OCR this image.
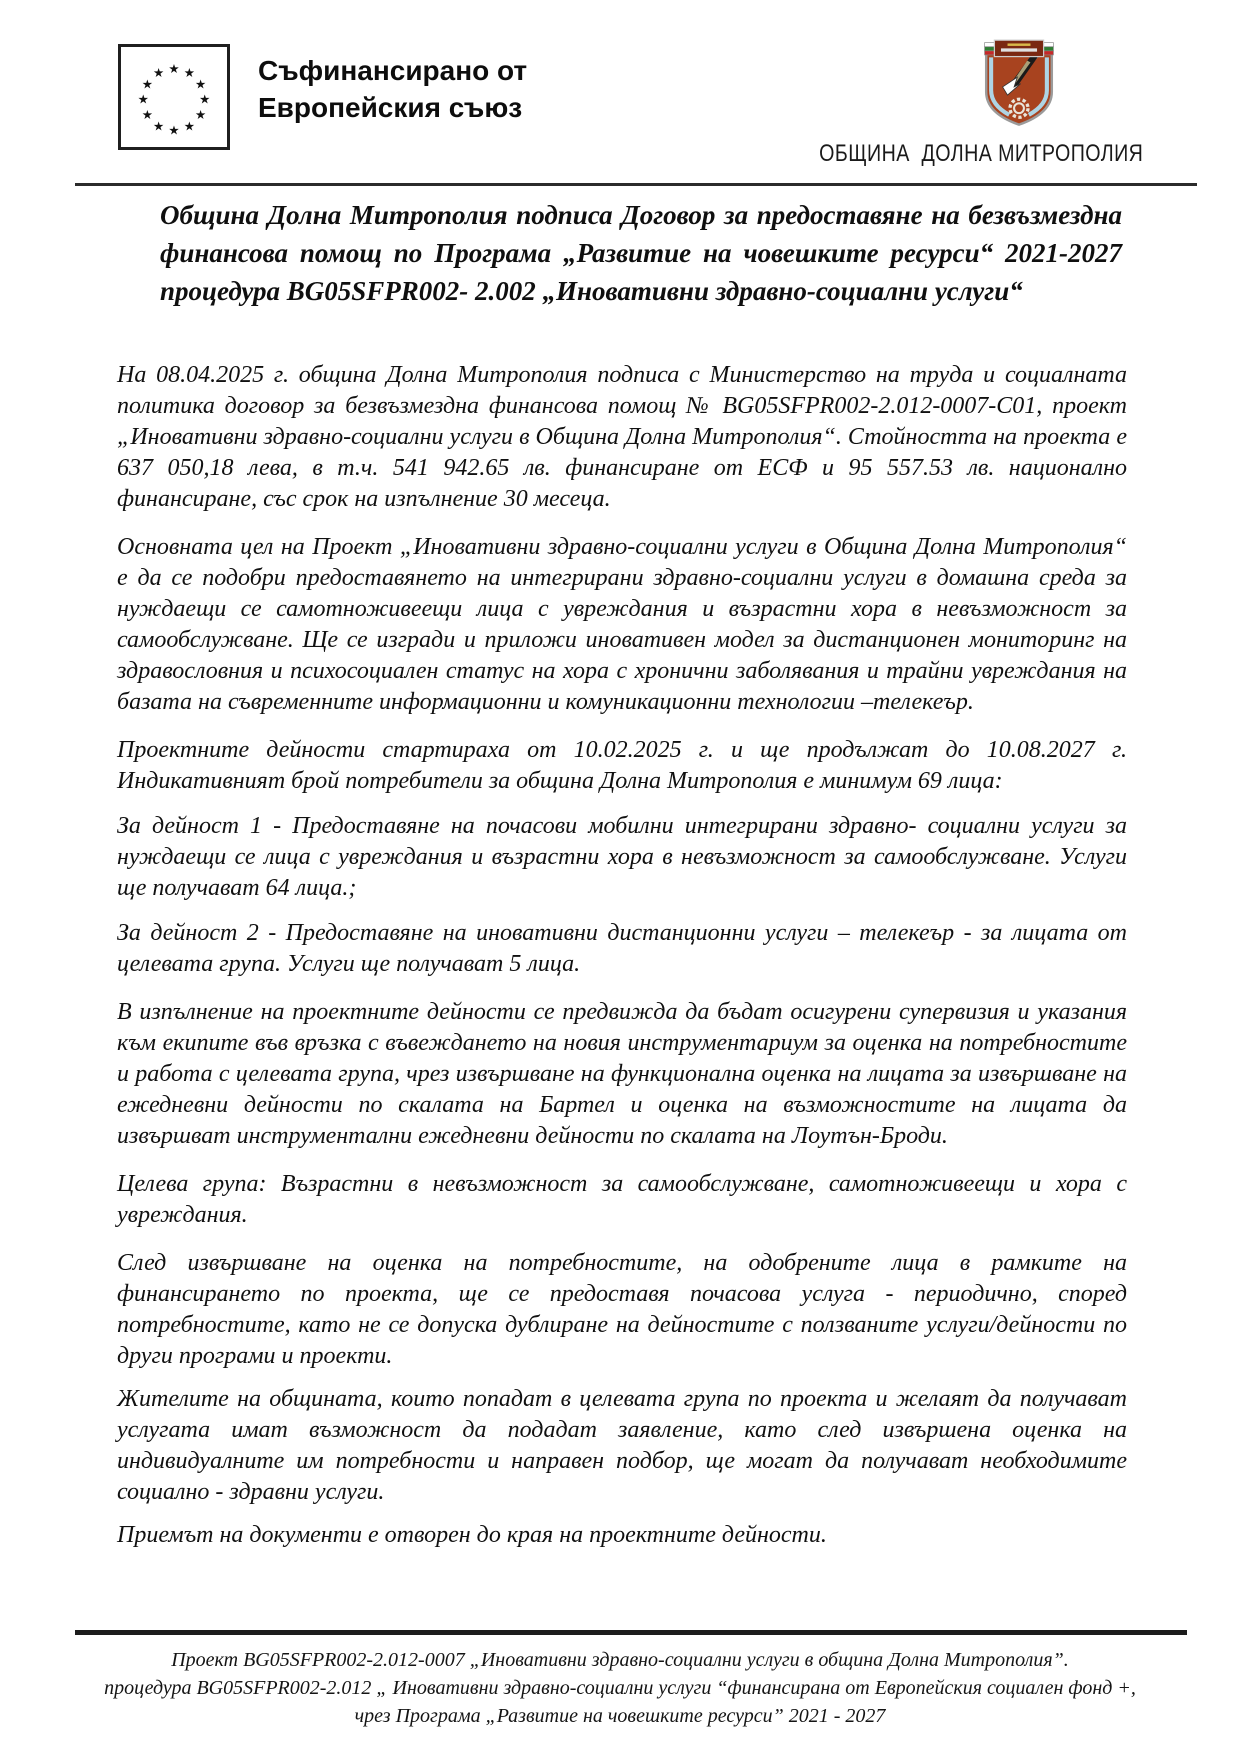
★ ★
★
★
★
★
★
★
★
★
★
★	Съфинансирано от
Европейския съюз
ОБЩИНА  ДОЛНА МИТРОПОЛИЯ
Община Долна Митрополия подписа Договор за предоставяне на безвъзмездна финансова помощ по Програма „Развитие на човешките ресурси“ 2021-2027 процедура BG05SFPR002- 2.002 „Иновативни здравно-социални услуги“

На 08.04.2025 г. община Долна Митрополия подписа с Министерство на труда и социалната политика договор за безвъзмездна финансова помощ № BG05SFPR002-2.012-0007-С01, проект „Иновативни здравно-социални услуги в Община Долна Митрополия“. Стойността на проекта е 637 050,18 лева, в т.ч. 541 942.65 лв. финансиране от ЕСФ и 95 557.53 лв. национално финансиране, със срок на изпълнение 30 месеца.

Основната цел на Проект „Иновативни здравно-социални услуги в Община Долна Митрополия“ е да се подобри предоставянето на интегрирани здравно-социални услуги в домашна среда за нуждаещи се самотноживеещи лица с увреждания и възрастни хора в невъзможност за самообслужване. Ще се изгради и приложи иновативен модел за дистанционен мониторинг на здравословния и психосоциален статус на хора с хронични заболявания и трайни увреждания на базата на съвременните информационни и комуникационни технологии –телекеър.

Проектните дейности стартираха от 10.02.2025 г. и ще продължат до 10.08.2027 г. Индикативният брой потребители за община Долна Митрополия е минимум 69 лица:

За дейност 1 - Предоставяне на почасови мобилни интегрирани здравно- социални услуги за нуждаещи се лица с увреждания и възрастни хора в невъзможност за самообслужване. Услуги ще получават 64 лица.;

За дейност 2 - Предоставяне на иновативни дистанционни услуги – телекеър - за лицата от целевата група. Услуги ще получават 5 лица.

В изпълнение на проектните дейности се предвижда да бъдат осигурени супервизия и указания към екипите във връзка с въвеждането на новия инструментариум за оценка на потребностите и работа с целевата група, чрез извършване на функционална оценка на лицата за извършване на ежедневни дейности по скалата на Бартел и оценка на възможностите на лицата да извършват инструментални ежедневни дейности по скалата на Лоутън-Броди.

Целева група: Възрастни в невъзможност за самообслужване, самотноживеещи и хора с увреждания.

След извършване на оценка на потребностите, на одобрените лица в рамките на финансирането по проекта, ще се предоставя почасова услуга - периодично, според потребностите, като не се допуска дублиране на дейностите с ползваните услуги/дейности по други програми и проекти.

Жителите на общината, които попадат в целевата група по проекта и желаят да получават услугата имат възможност да подадат заявление, като след извършена оценка на индивидуалните им потребности и направен подбор, ще могат да получават необходимите социално - здравни услуги.

Приемът на документи е отворен до края на проектните дейности.

Проект BG05SFPR002-2.012-0007 „Иновативни здравно-социални услуги в община Долна Митрополия”.
процедура BG05SFPR002-2.012 „ Иновативни здравно-социални услуги “финансирана от Европейския социален фонд +,
чрез Програма „Развитие на човешките ресурси” 2021 - 2027
